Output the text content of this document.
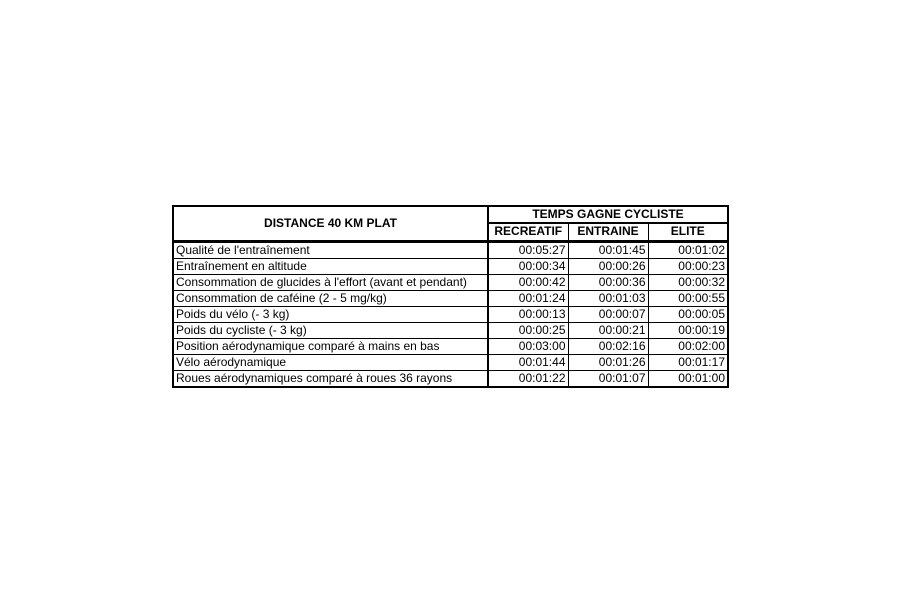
DISTANCE 40 KM PLAT	TEMPS GAGNE CYCLISTE		
	RECREATIF	ENTRAINE	ELITE
Qualité de l'entraînement	00:05:27	00:01:45	00:01:02
Entraînement en altitude	00:00:34	00:00:26	00:00:23
Consommation de glucides à l'effort (avant et pendant)	00:00:42	00:00:36	00:00:32
Consommation de caféine (2 - 5 mg/kg)	00:01:24	00:01:03	00:00:55
Poids du vélo (- 3 kg)	00:00:13	00:00:07	00:00:05
Poids du cycliste (- 3 kg)	00:00:25	00:00:21	00:00:19
Position aérodynamique comparé à mains en bas	00:03:00	00:02:16	00:02:00
Vélo aérodynamique	00:01:44	00:01:26	00:01:17
Roues aérodynamiques comparé à roues 36 rayons	00:01:22	00:01:07	00:01:00
